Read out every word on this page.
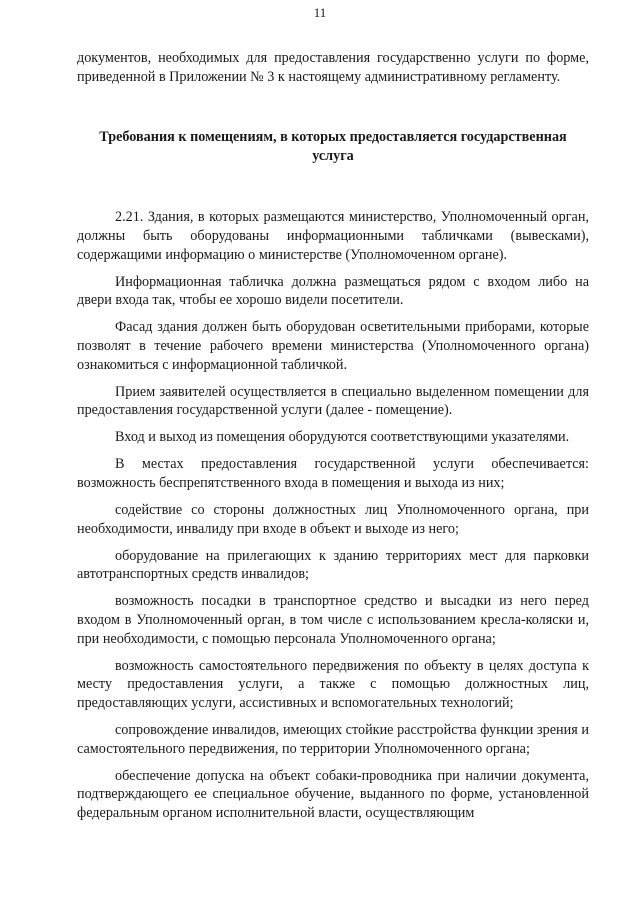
11

документов, необходимых для предоставления государственно услуги по форме, приведенной в Приложении № 3 к настоящему административному регламенту.

Требования к помещениям, в которых предоставляется государственная услуга

2.21. Здания, в которых размещаются министерство, Уполномоченный орган, должны быть оборудованы информационными табличками (вывесками), содержащими информацию о министерстве (Уполномоченном органе).

Информационная табличка должна размещаться рядом с входом либо на двери входа так, чтобы ее хорошо видели посетители.

Фасад здания должен быть оборудован осветительными приборами, которые позволят в течение рабочего времени министерства (Уполномоченного органа) ознакомиться с информационной табличкой.

Прием заявителей осуществляется в специально выделенном помещении для предоставления государственной услуги (далее - помещение).

Вход и выход из помещения оборудуются соответствующими указателями.

В местах предоставления государственной услуги обеспечивается: возможность беспрепятственного входа в помещения и выхода из них;

содействие со стороны должностных лиц Уполномоченного органа, при необходимости, инвалиду при входе в объект и выходе из него;

оборудование на прилегающих к зданию территориях мест для парковки автотранспортных средств инвалидов;

возможность посадки в транспортное средство и высадки из него перед входом в Уполномоченный орган, в том числе с использованием кресла-коляски и, при необходимости, с помощью персонала Уполномоченного органа;

возможность самостоятельного передвижения по объекту в целях доступа к месту предоставления услуги, а также с помощью должностных лиц, предоставляющих услуги, ассистивных и вспомогательных технологий;

сопровождение инвалидов, имеющих стойкие расстройства функции зрения и самостоятельного передвижения, по территории Уполномоченного органа;

обеспечение допуска на объект собаки-проводника при наличии документа, подтверждающего ее специальное обучение, выданного по форме, установленной федеральным органом исполнительной власти, осуществляющим
